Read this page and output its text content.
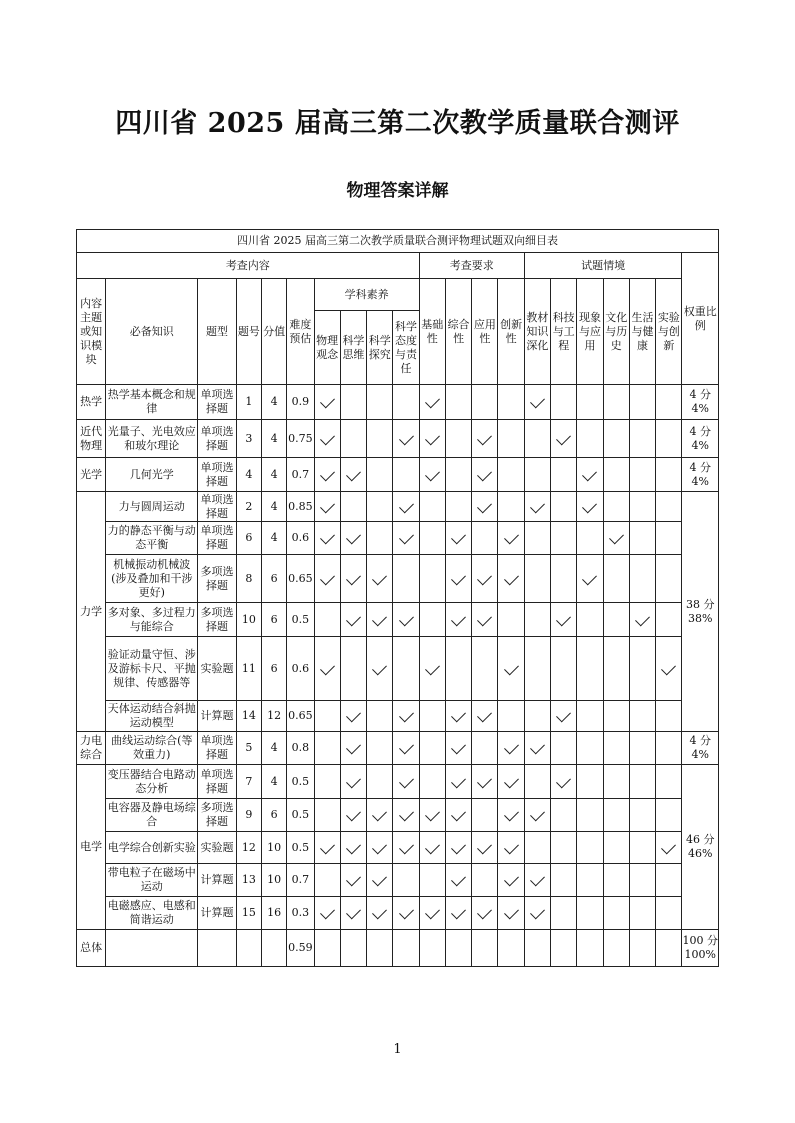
四川省 2025 届高三第二次教学质量联合测评
物理答案详解
四川省 2025 届高三第二次教学质量联合测评物理试题双向细目表																				
考查内容										考查要求				试题情境						权重比例
内容主题或知识模块	必备知识	题型	题号	分值	难度预估	学科素养				基础性	综合性	应用性	创新性	教材知识深化	科技与工程	现象与应用	文化与历史	生活与健康	实验与创新	
						物理观念	科学思维	科学探究	科学态度与责任											
热学	热学基本概念和规律	单项选择题	1	4	0.9															4 分 4%
近代物理	光量子、光电效应和玻尔理论	单项选择题	3	4	0.75															4 分 4%
光学	几何光学	单项选择题	4	4	0.7															4 分 4%
力学	力与圆周运动	单项选择题	2	4	0.85															38 分 38%
	力的静态平衡与动态平衡	单项选择题	6	4	0.6															
	机械振动机械波(涉及叠加和干涉更好)	多项选择题	8	6	0.65															
	多对象、多过程力与能综合	多项选择题	10	6	0.5															
	验证动量守恒、涉及游标卡尺、平抛规律、传感器等	实验题	11	6	0.6															
	天体运动结合斜抛运动模型	计算题	14	12	0.65															
力电综合	曲线运动综合(等效重力)	单项选择题	5	4	0.8															4 分 4%
电学	变压器结合电路动态分析	单项选择题	7	4	0.5															46 分 46%
	电容器及静电场综合	多项选择题	9	6	0.5															
	电学综合创新实验	实验题	12	10	0.5															
	带电粒子在磁场中运动	计算题	13	10	0.7															
	电磁感应、电感和简谐运动	计算题	15	16	0.3															
总体					0.59															100 分 100%

1
